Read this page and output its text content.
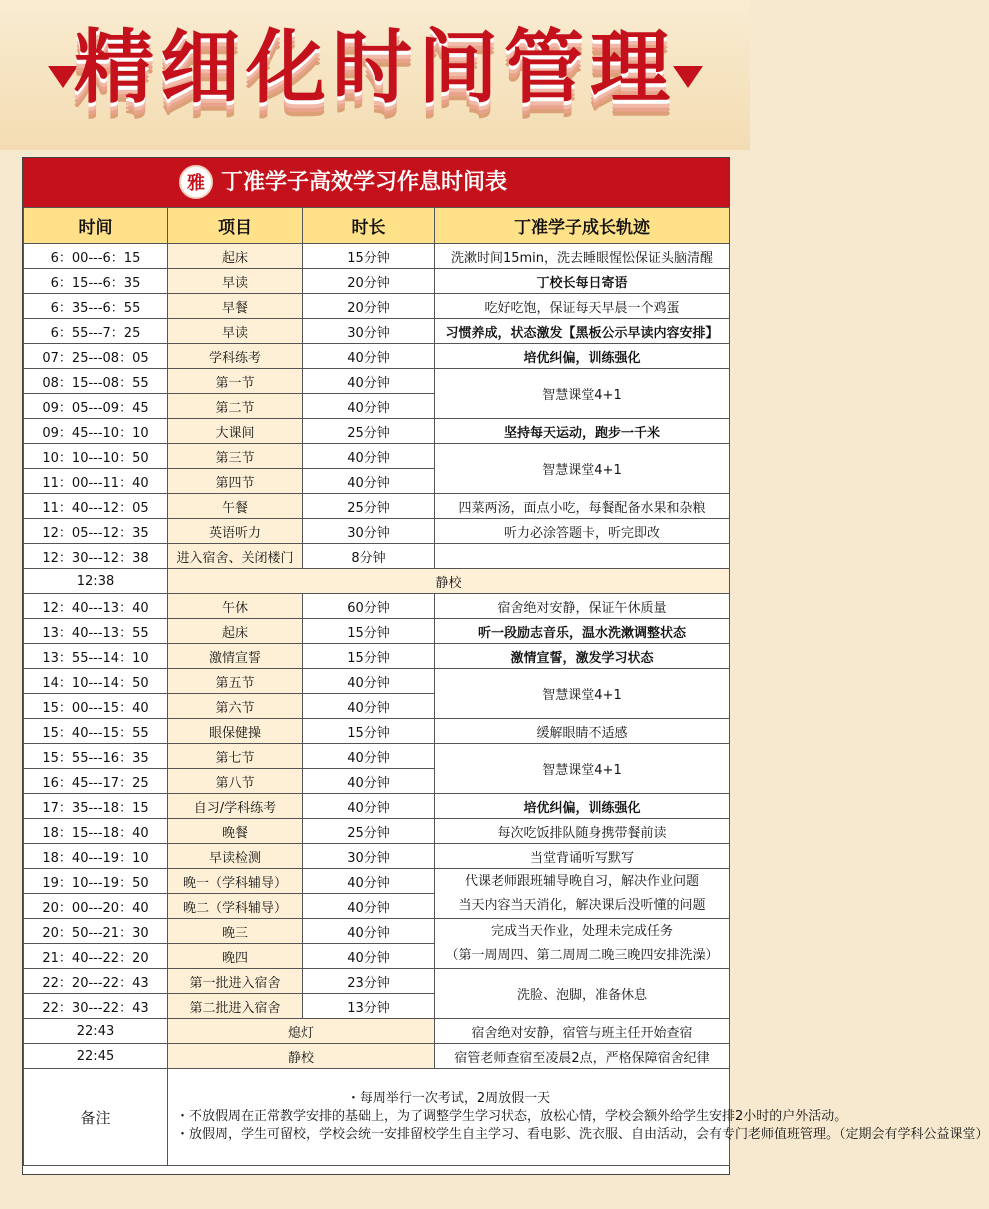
精细化时间管理
雅 丁准学子高效学习作息时间表
时间	项目	时长	丁准学子成长轨迹
6：00---6：15	起床	15分钟	洗漱时间15min，洗去睡眼惺忪保证头脑清醒
6：15---6：35	早读	20分钟	丁校长每日寄语
6：35---6：55	早餐	20分钟	吃好吃饱，保证每天早晨一个鸡蛋
6：55---7：25	早读	30分钟	习惯养成，状态激发【黑板公示早读内容安排】
07：25---08：05	学科练考	40分钟	培优纠偏，训练强化
08：15---08：55	第一节	40分钟	智慧课堂4+1
09：05---09：45	第二节	40分钟	
09：45---10：10	大课间	25分钟	坚持每天运动，跑步一千米
10：10---10：50	第三节	40分钟	智慧课堂4+1
11：00---11：40	第四节	40分钟	
11：40---12：05	午餐	25分钟	四菜两汤，面点小吃，每餐配备水果和杂粮
12：05---12：35	英语听力	30分钟	听力必涂答题卡，听完即改
12：30---12：38	进入宿舍、关闭楼门	8分钟	
12:38	静校		
12：40---13：40	午休	60分钟	宿舍绝对安静，保证午休质量
13：40---13：55	起床	15分钟	听一段励志音乐，温水洗漱调整状态
13：55---14：10	激情宣誓	15分钟	激情宣誓，激发学习状态
14：10---14：50	第五节	40分钟	智慧课堂4+1
15：00---15：40	第六节	40分钟	
15：40---15：55	眼保健操	15分钟	缓解眼睛不适感
15：55---16：35	第七节	40分钟	智慧课堂4+1
16：45---17：25	第八节	40分钟	
17：35---18：15	自习/学科练考	40分钟	培优纠偏，训练强化
18：15---18：40	晚餐	25分钟	每次吃饭排队随身携带餐前读
18：40---19：10	早读检测	30分钟	当堂背诵听写默写
19：10---19：50	晚一（学科辅导）	40分钟	代课老师跟班辅导晚自习，解决作业问题
当天内容当天消化，解决课后没听懂的问题

20：00---20：40	晚二（学科辅导）	40分钟	
20：50---21：30	晚三	40分钟	完成当天作业，处理未完成任务
（第一周周四、第二周周二晚三晚四安排洗澡）

21：40---22：20	晚四	40分钟	
22：20---22：43	第一批进入宿舍	23分钟	洗脸、泡脚，准备休息
22：30---22：43	第二批进入宿舍	13分钟	
22:43	熄灯		宿舍绝对安静，宿管与班主任开始查宿
22:45	静校		宿管老师查宿至凌晨2点，严格保障宿舍纪律
备注	・每周举行一次考试，2周放假一天
・不放假周在正常教学安排的基础上，为了调整学生学习状态，放松心情，学校会额外给学生安排2小时的户外活动。
・放假周，学生可留校，学校会统一安排留校学生自主学习、看电影、洗衣服、自由活动，会有专门老师值班管理。（定期会有学科公益课堂）		
